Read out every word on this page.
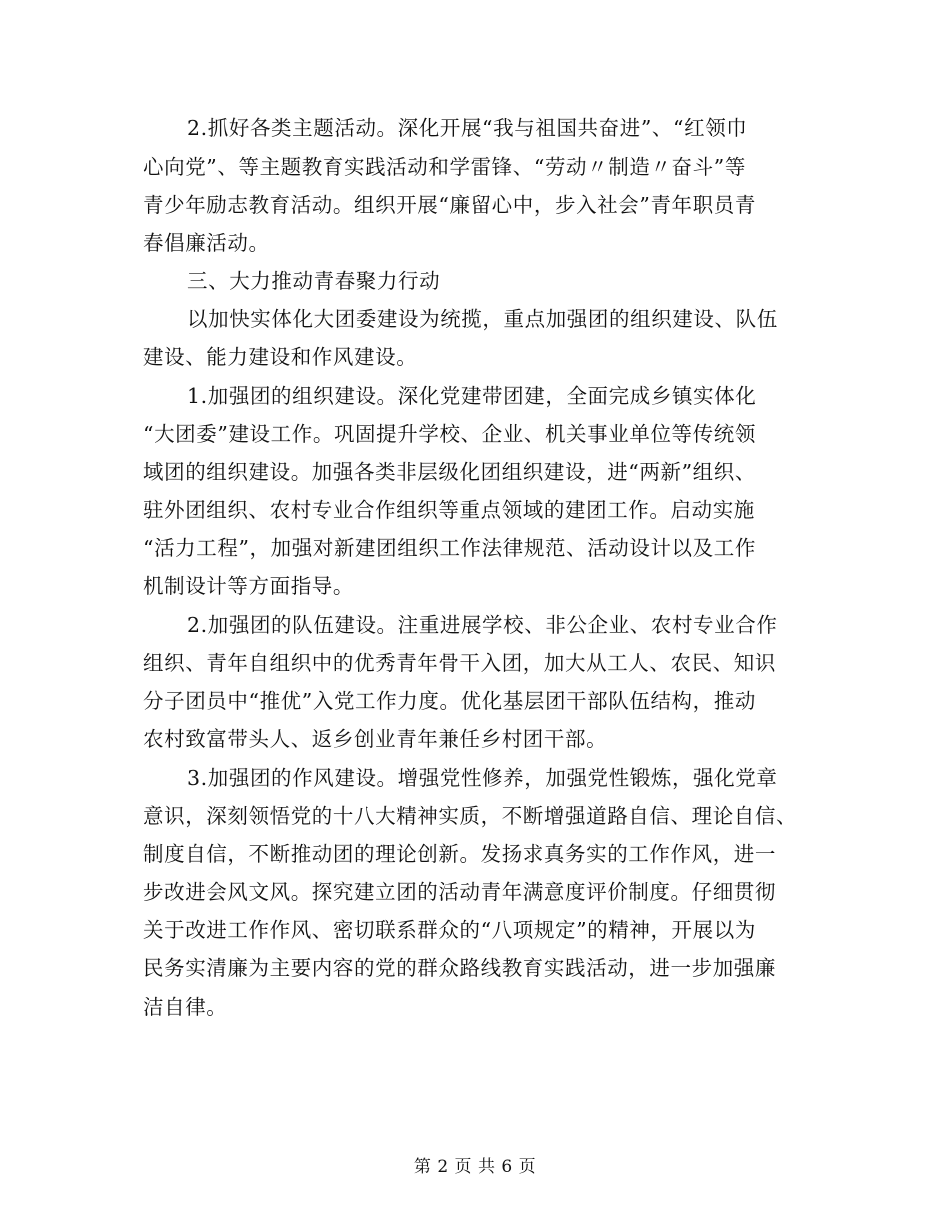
2.抓好各类主题活动。深化开展“我与祖国共奋进”、“红领巾
心向党”、等主题教育实践活动和学雷锋、“劳动〃制造〃奋斗”等
青少年励志教育活动。组织开展“廉留心中，步入社会”青年职员青
春倡廉活动。
三、大力推动青春聚力行动
以加快实体化大团委建设为统揽，重点加强团的组织建设、队伍
建设、能力建设和作风建设。
1.加强团的组织建设。深化党建带团建，全面完成乡镇实体化
“大团委”建设工作。巩固提升学校、企业、机关事业单位等传统领
域团的组织建设。加强各类非层级化团组织建设，进“两新”组织、
驻外团组织、农村专业合作组织等重点领域的建团工作。启动实施
“活力工程”，加强对新建团组织工作法律规范、活动设计以及工作
机制设计等方面指导。
2.加强团的队伍建设。注重进展学校、非公企业、农村专业合作
组织、青年自组织中的优秀青年骨干入团，加大从工人、农民、知识
分子团员中“推优”入党工作力度。优化基层团干部队伍结构，推动
农村致富带头人、返乡创业青年兼任乡村团干部。
3.加强团的作风建设。增强党性修养，加强党性锻炼，强化党章
意识，深刻领悟党的十八大精神实质，不断增强道路自信、理论自信、
制度自信，不断推动团的理论创新。发扬求真务实的工作作风，进一
步改进会风文风。探究建立团的活动青年满意度评价制度。仔细贯彻
关于改进工作作风、密切联系群众的“八项规定”的精神，开展以为
民务实清廉为主要内容的党的群众路线教育实践活动，进一步加强廉
洁自律。
第 2 页 共 6 页
